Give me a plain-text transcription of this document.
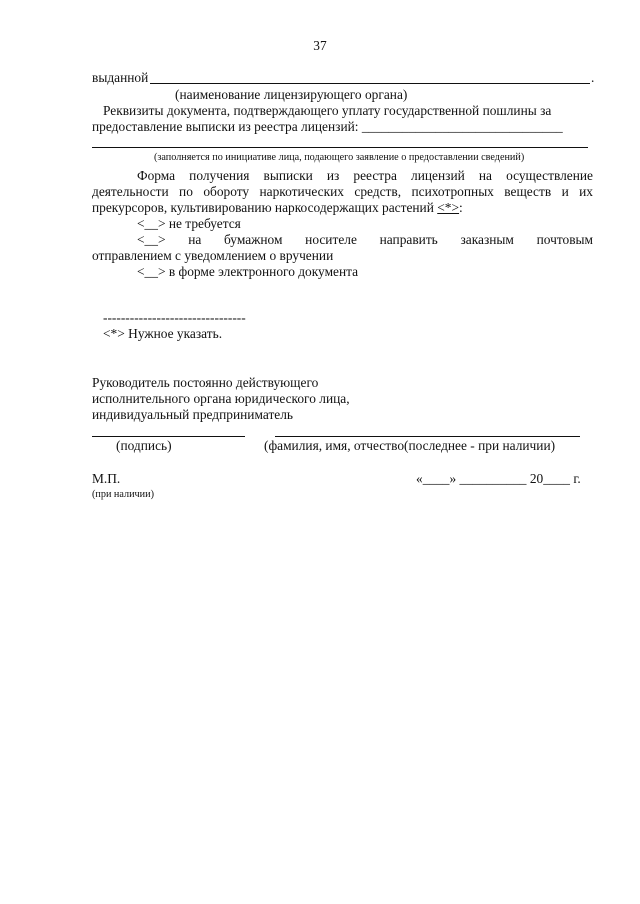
37
выданной	.
(наименование лицензирующего органа)
Реквизиты документа, подтверждающего уплату государственной пошлины за
предоставление выписки из реестра лицензий: ______________________________
(заполняется по инициативе лица, подающего заявление о предоставлении сведений)
Форма получения выписки из реестра лицензий на осуществление
деятельности по обороту наркотических средств, психотропных веществ и их
прекурсоров, культивированию наркосодержащих растений <*>:
<__> не требуется
<__> на бумажном носителе направить заказным почтовым
отправлением с уведомлением о вручении
<__> в форме электронного документа
--------------------------------
<*> Нужное указать.
Руководитель постоянно действующего
исполнительного органа юридического лица,
индивидуальный предприниматель
(подпись)	(фамилия, имя, отчество(последнее - при наличии)
М.П.
(при наличии)
«____» __________ 20____ г.
